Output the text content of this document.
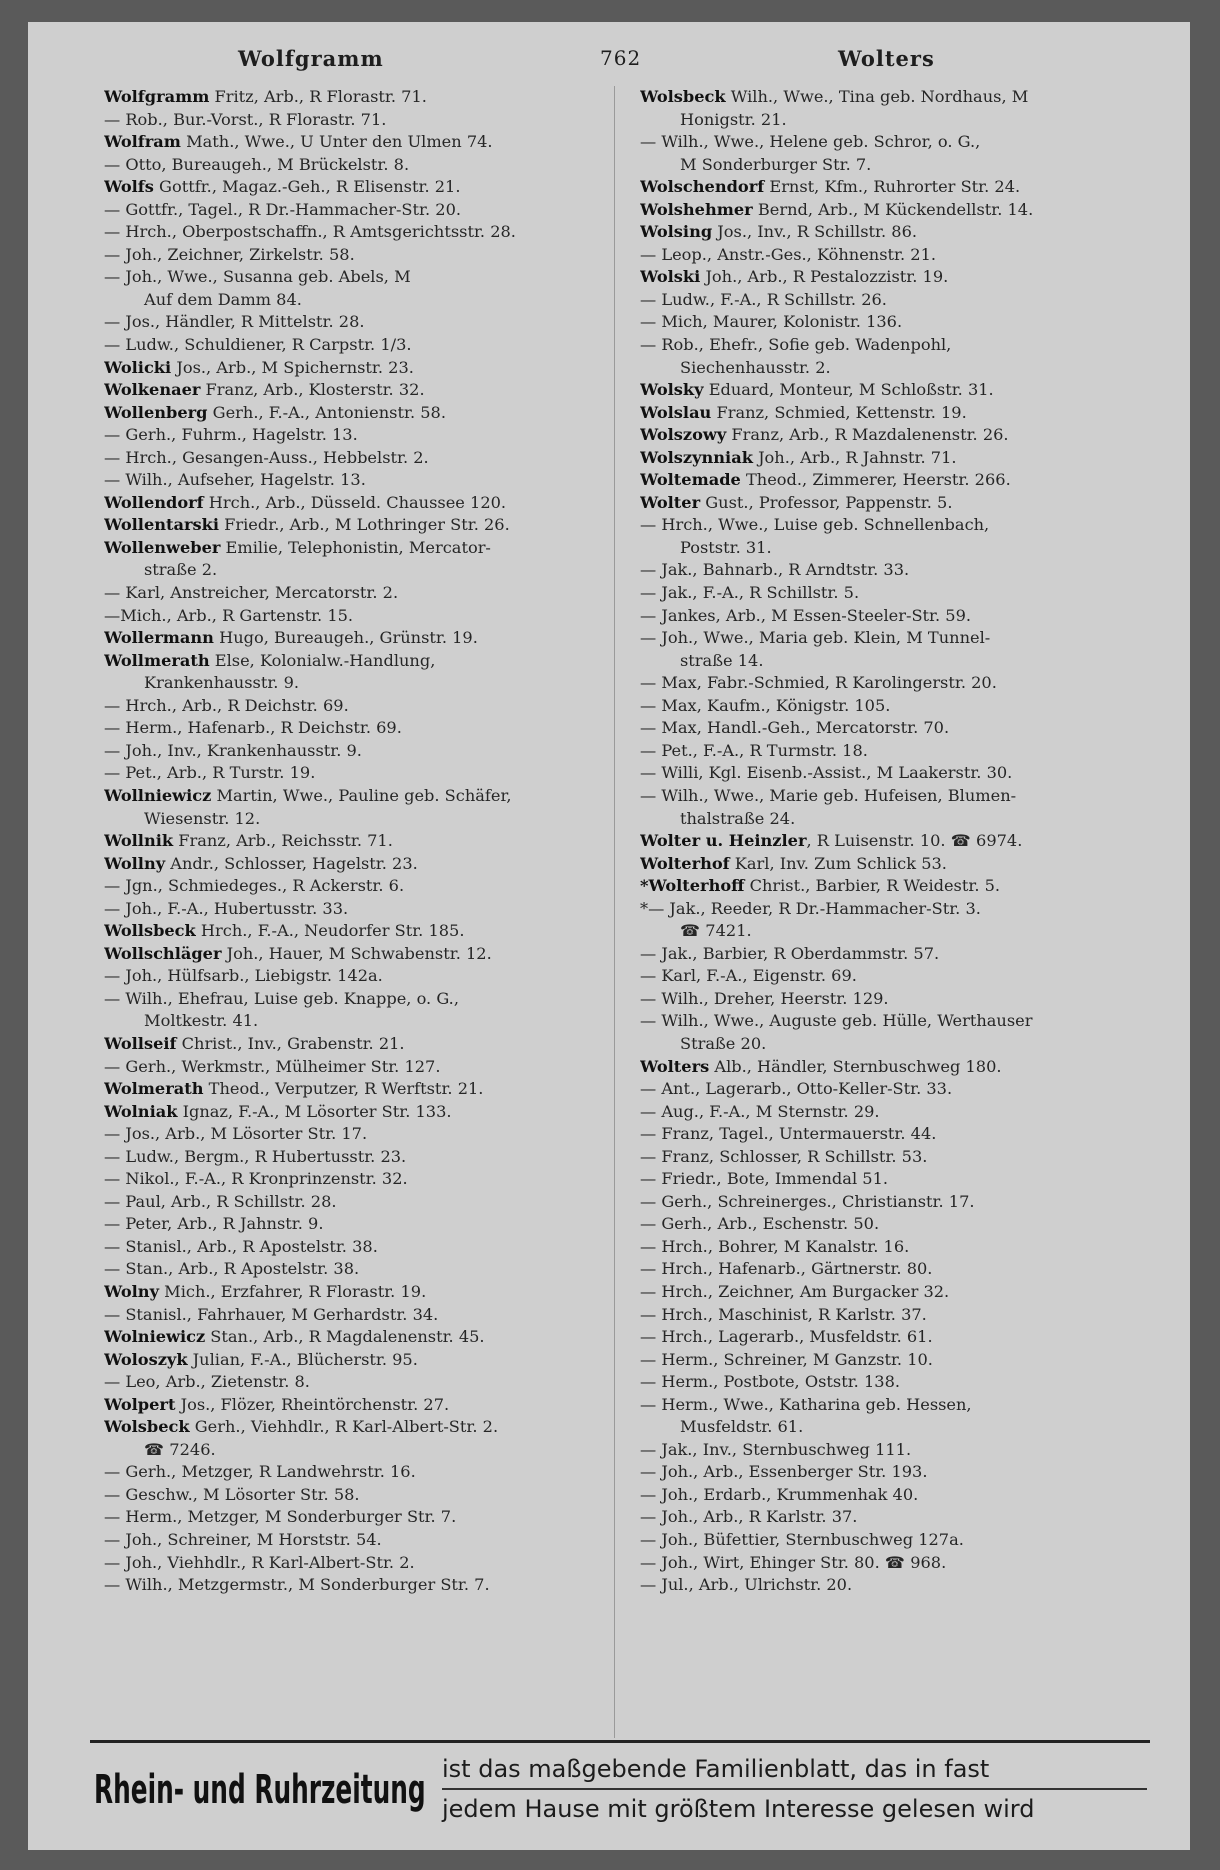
Wolfgramm	762	Wolters
Wolfgramm Fritz, Arb., R Florastr. 71.
— Rob., Bur.-Vorst., R Florastr. 71.
Wolfram Math., Wwe., U Unter den Ulmen 74.
— Otto, Bureaugeh., M Brückelstr. 8.
Wolfs Gottfr., Magaz.-Geh., R Elisenstr. 21.
— Gottfr., Tagel., R Dr.-Hammacher-Str. 20.
— Hrch., Oberpostschaffn., R Amtsgerichtsstr. 28.
— Joh., Zeichner, Zirkelstr. 58.
— Joh., Wwe., Susanna geb. Abels, M
Auf dem Damm 84.
— Jos., Händler, R Mittelstr. 28.
— Ludw., Schuldiener, R Carpstr. 1/3.
Wolicki Jos., Arb., M Spichernstr. 23.
Wolkenaer Franz, Arb., Klosterstr. 32.
Wollenberg Gerh., F.-A., Antonienstr. 58.
— Gerh., Fuhrm., Hagelstr. 13.
— Hrch., Gesangen-Auss., Hebbelstr. 2.
— Wilh., Aufseher, Hagelstr. 13.
Wollendorf Hrch., Arb., Düsseld. Chaussee 120.
Wollentarski Friedr., Arb., M Lothringer Str. 26.
Wollenweber Emilie, Telephonistin, Mercator-
straße 2.
— Karl, Anstreicher, Mercatorstr. 2.
—Mich., Arb., R Gartenstr. 15.
Wollermann Hugo, Bureaugeh., Grünstr. 19.
Wollmerath Else, Kolonialw.-Handlung,
Krankenhausstr. 9.
— Hrch., Arb., R Deichstr. 69.
— Herm., Hafenarb., R Deichstr. 69.
— Joh., Inv., Krankenhausstr. 9.
— Pet., Arb., R Turstr. 19.
Wollniewicz Martin, Wwe., Pauline geb. Schäfer,
Wiesenstr. 12.
Wollnik Franz, Arb., Reichsstr. 71.
Wollny Andr., Schlosser, Hagelstr. 23.
— Jgn., Schmiedeges., R Ackerstr. 6.
— Joh., F.-A., Hubertusstr. 33.
Wollsbeck Hrch., F.-A., Neudorfer Str. 185.
Wollschläger Joh., Hauer, M Schwabenstr. 12.
— Joh., Hülfsarb., Liebigstr. 142a.
— Wilh., Ehefrau, Luise geb. Knappe, o. G.,
Moltkestr. 41.
Wollseif Christ., Inv., Grabenstr. 21.
— Gerh., Werkmstr., Mülheimer Str. 127.
Wolmerath Theod., Verputzer, R Werftstr. 21.
Wolniak Ignaz, F.-A., M Lösorter Str. 133.
— Jos., Arb., M Lösorter Str. 17.
— Ludw., Bergm., R Hubertusstr. 23.
— Nikol., F.-A., R Kronprinzenstr. 32.
— Paul, Arb., R Schillstr. 28.
— Peter, Arb., R Jahnstr. 9.
— Stanisl., Arb., R Apostelstr. 38.
— Stan., Arb., R Apostelstr. 38.
Wolny Mich., Erzfahrer, R Florastr. 19.
— Stanisl., Fahrhauer, M Gerhardstr. 34.
Wolniewicz Stan., Arb., R Magdalenenstr. 45.
Woloszyk Julian, F.-A., Blücherstr. 95.
— Leo, Arb., Zietenstr. 8.
Wolpert Jos., Flözer, Rheintörchenstr. 27.
Wolsbeck Gerh., Viehhdlr., R Karl-Albert-Str. 2.
☎ 7246.
— Gerh., Metzger, R Landwehrstr. 16.
— Geschw., M Lösorter Str. 58.
— Herm., Metzger, M Sonderburger Str. 7.
— Joh., Schreiner, M Horststr. 54.
— Joh., Viehhdlr., R Karl-Albert-Str. 2.
— Wilh., Metzgermstr., M Sonderburger Str. 7.
Wolsbeck Wilh., Wwe., Tina geb. Nordhaus, M
Honigstr. 21.
— Wilh., Wwe., Helene geb. Schror, o. G.,
M Sonderburger Str. 7.
Wolschendorf Ernst, Kfm., Ruhrorter Str. 24.
Wolshehmer Bernd, Arb., M Kückendellstr. 14.
Wolsing Jos., Inv., R Schillstr. 86.
— Leop., Anstr.-Ges., Köhnenstr. 21.
Wolski Joh., Arb., R Pestalozzistr. 19.
— Ludw., F.-A., R Schillstr. 26.
— Mich, Maurer, Kolonistr. 136.
— Rob., Ehefr., Sofie geb. Wadenpohl,
Siechenhausstr. 2.
Wolsky Eduard, Monteur, M Schloßstr. 31.
Wolslau Franz, Schmied, Kettenstr. 19.
Wolszowy Franz, Arb., R Mazdalenenstr. 26.
Wolszynniak Joh., Arb., R Jahnstr. 71.
Woltemade Theod., Zimmerer, Heerstr. 266.
Wolter Gust., Professor, Pappenstr. 5.
— Hrch., Wwe., Luise geb. Schnellenbach,
Poststr. 31.
— Jak., Bahnarb., R Arndtstr. 33.
— Jak., F.-A., R Schillstr. 5.
— Jankes, Arb., M Essen-Steeler-Str. 59.
— Joh., Wwe., Maria geb. Klein, M Tunnel-
straße 14.
— Max, Fabr.-Schmied, R Karolingerstr. 20.
— Max, Kaufm., Königstr. 105.
— Max, Handl.-Geh., Mercatorstr. 70.
— Pet., F.-A., R Turmstr. 18.
— Willi, Kgl. Eisenb.-Assist., M Laakerstr. 30.
— Wilh., Wwe., Marie geb. Hufeisen, Blumen-
thalstraße 24.
Wolter u. Heinzler, R Luisenstr. 10. ☎ 6974.
Wolterhof Karl, Inv. Zum Schlick 53.
*Wolterhoff Christ., Barbier, R Weidestr. 5.
*— Jak., Reeder, R Dr.-Hammacher-Str. 3.
☎ 7421.
— Jak., Barbier, R Oberdammstr. 57.
— Karl, F.-A., Eigenstr. 69.
— Wilh., Dreher, Heerstr. 129.
— Wilh., Wwe., Auguste geb. Hülle, Werthauser
Straße 20.
Wolters Alb., Händler, Sternbuschweg 180.
— Ant., Lagerarb., Otto-Keller-Str. 33.
— Aug., F.-A., M Sternstr. 29.
— Franz, Tagel., Untermauerstr. 44.
— Franz, Schlosser, R Schillstr. 53.
— Friedr., Bote, Immendal 51.
— Gerh., Schreinerges., Christianstr. 17.
— Gerh., Arb., Eschenstr. 50.
— Hrch., Bohrer, M Kanalstr. 16.
— Hrch., Hafenarb., Gärtnerstr. 80.
— Hrch., Zeichner, Am Burgacker 32.
— Hrch., Maschinist, R Karlstr. 37.
— Hrch., Lagerarb., Musfeldstr. 61.
— Herm., Schreiner, M Ganzstr. 10.
— Herm., Postbote, Oststr. 138.
— Herm., Wwe., Katharina geb. Hessen,
Musfeldstr. 61.
— Jak., Inv., Sternbuschweg 111.
— Joh., Arb., Essenberger Str. 193.
— Joh., Erdarb., Krummenhak 40.
— Joh., Arb., R Karlstr. 37.
— Joh., Büfettier, Sternbuschweg 127a.
— Joh., Wirt, Ehinger Str. 80. ☎ 968.
— Jul., Arb., Ulrichstr. 20.
Rhein- und Ruhrzeitung ist das maßgebende Familienblatt, das in fast
jedem Hause mit größtem Interesse gelesen wird
